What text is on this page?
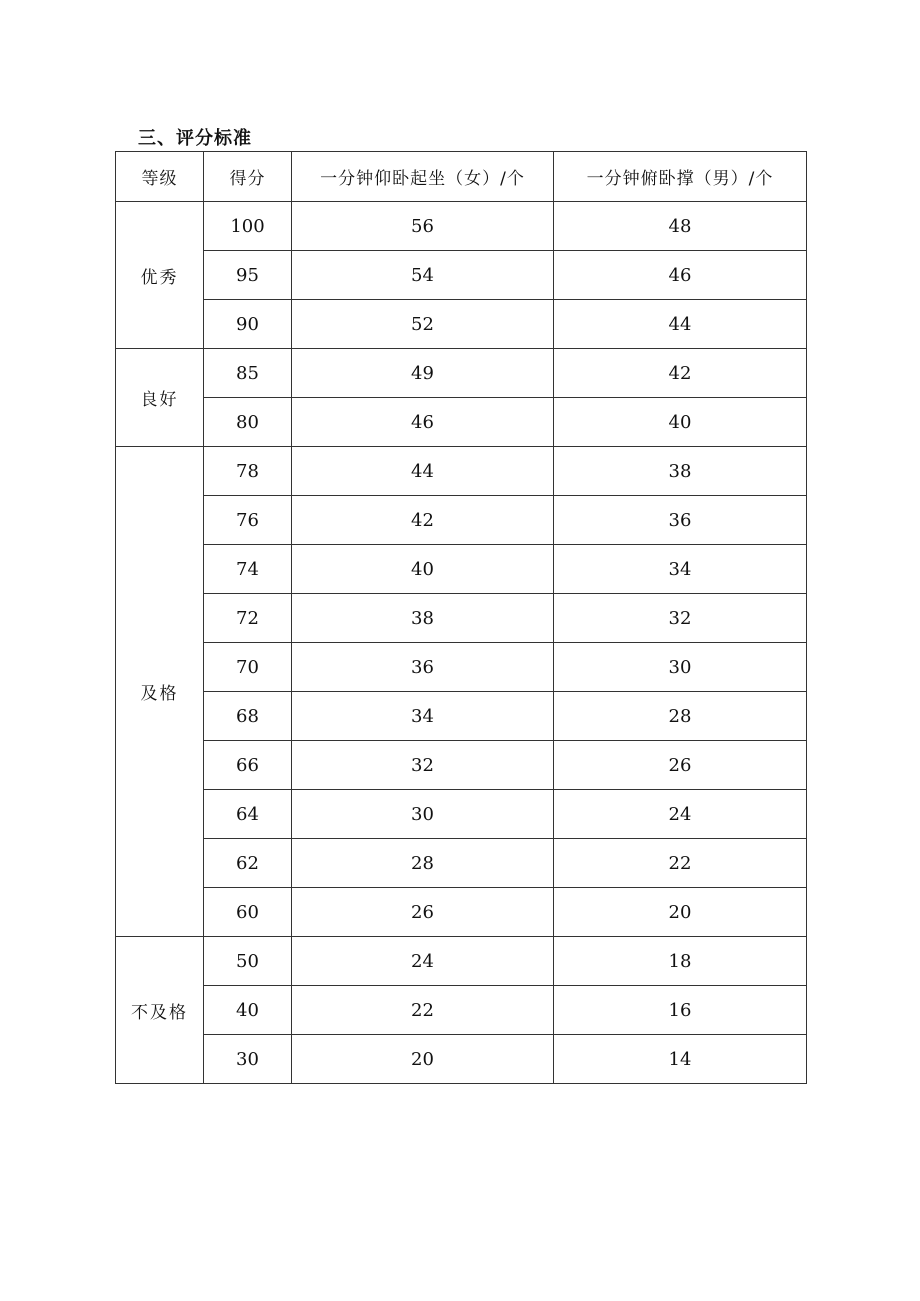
三、评分标准
等级	得分	一分钟仰卧起坐（女）/个	一分钟俯卧撑（男）/个
优秀	100	56	48
	95	54	46
	90	52	44
良好	85	49	42
	80	46	40
及格	78	44	38
	76	42	36
	74	40	34
	72	38	32
	70	36	30
	68	34	28
	66	32	26
	64	30	24
	62	28	22
	60	26	20
不及格	50	24	18
	40	22	16
	30	20	14
